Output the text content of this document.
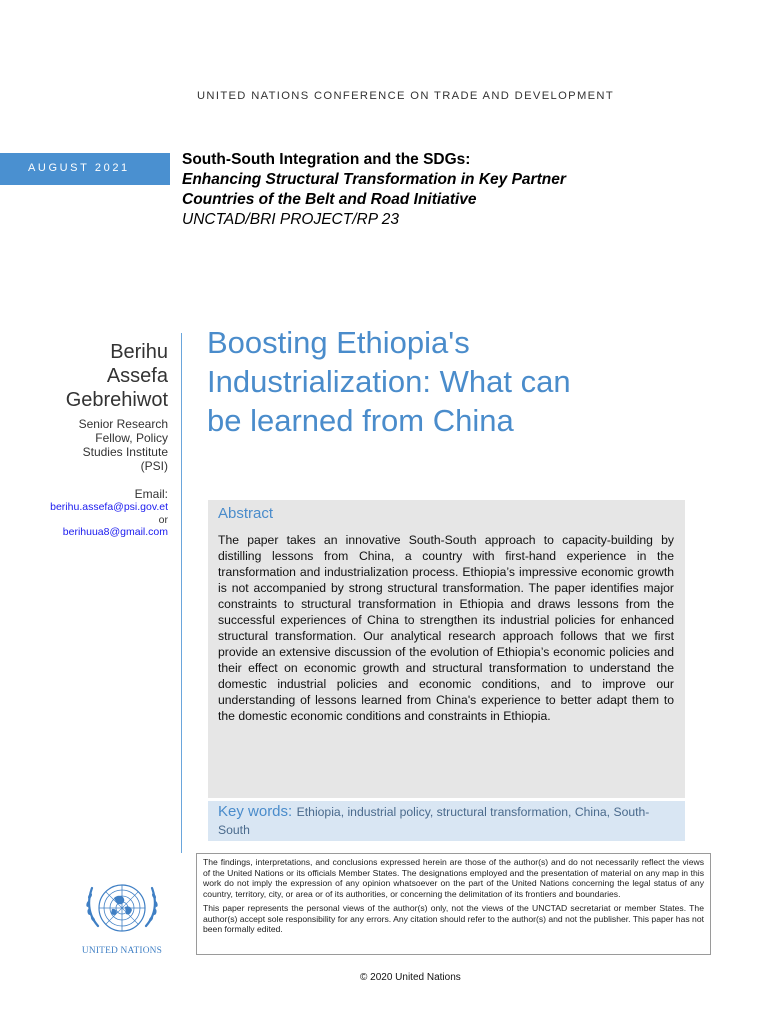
UNITED NATIONS CONFERENCE ON TRADE AND DEVELOPMENT
AUGUST 2021	South-South Integration and the SDGs:
Enhancing Structural Transformation in Key Partner
Countries of the Belt and Road Initiative
UNCTAD/BRI PROJECT/RP 23
Berihu
Assefa
Gebrehiwot
Senior Research
Fellow, Policy
Studies Institute
(PSI)
Email:
berihu.assefa@psi.gov.et
or
berihuua8@gmail.com
Boosting Ethiopia's
Industrialization: What can
be learned from China
Abstract
The paper takes an innovative South-South approach to capacity-building by distilling lessons from China, a country with first-hand experience in the transformation and industrialization process. Ethiopia’s impressive economic growth is not accompanied by strong structural transformation. The paper identifies major constraints to structural transformation in Ethiopia and draws lessons from the successful experiences of China to strengthen its industrial policies for enhanced structural transformation. Our analytical research approach follows that we first provide an extensive discussion of the evolution of Ethiopia’s economic policies and their effect on economic growth and structural transformation to understand the domestic industrial policies and economic conditions, and to improve our understanding of lessons learned from China's experience to better adapt them to the domestic economic conditions and constraints in Ethiopia.
Key words: Ethiopia, industrial policy, structural transformation, China, South-South
UNITED NATIONS

The findings, interpretations, and conclusions expressed herein are those of the author(s) and do not necessarily reflect the views of the United Nations or its officials Member States. The designations employed and the presentation of material on any map in this work do not imply the expression of any opinion whatsoever on the part of the United Nations concerning the legal status of any country, territory, city, or area or of its authorities, or concerning the delimitation of its frontiers and boundaries.

This paper represents the personal views of the author(s) only, not the views of the UNCTAD secretariat or member States. The author(s) accept sole responsibility for any errors. Any citation should refer to the author(s) and not the publisher. This paper has not been formally edited.

© 2020 United Nations
